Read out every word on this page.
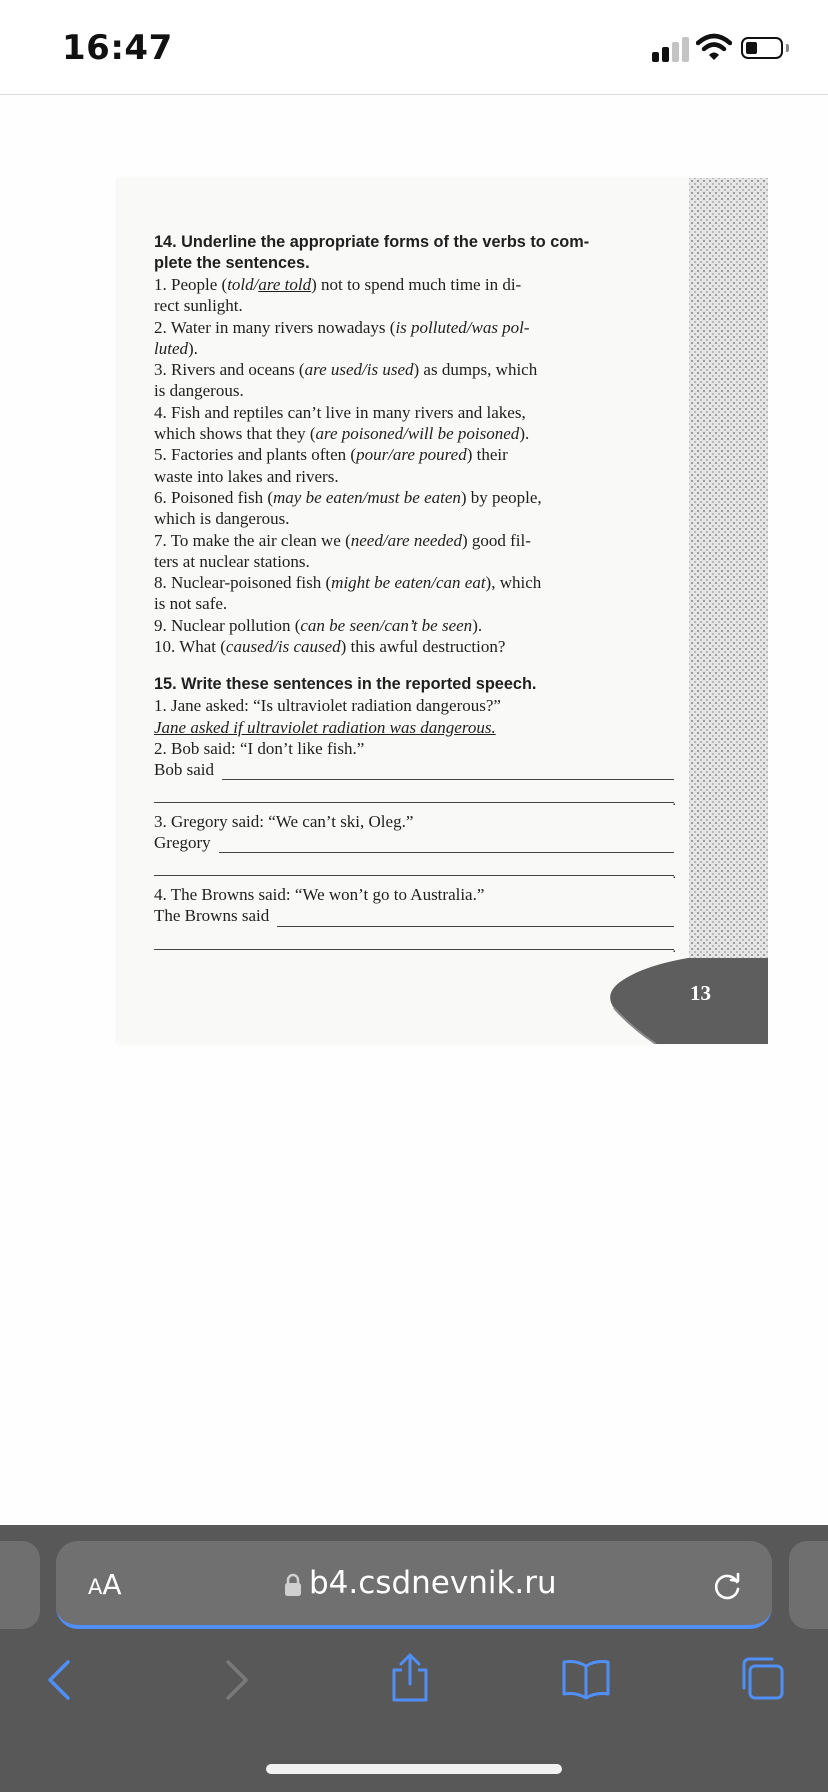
16:47
13

14. Underline the appropriate forms of the verbs to com-

plete the sentences.

1. People (told/are told) not to spend much time in di-

rect sunlight.

2. Water in many rivers nowadays (is polluted/was pol-

luted).

3. Rivers and oceans (are used/is used) as dumps, which

is dangerous.

4. Fish and reptiles can’t live in many rivers and lakes,

which shows that they (are poisoned/will be poisoned).

5. Factories and plants often (pour/are poured) their

waste into lakes and rivers.

6. Poisoned fish (may be eaten/must be eaten) by people,

which is dangerous.

7. To make the air clean we (need/are needed) good fil-

ters at nuclear stations.

8. Nuclear-poisoned fish (might be eaten/can eat), which

is not safe.

9. Nuclear pollution (can be seen/can’t be seen).

10. What (caused/is caused) this awful destruction?

15. Write these sentences in the reported speech.

1. Jane asked: “Is ultraviolet radiation dangerous?”

Jane asked if ultraviolet radiation was dangerous.

2. Bob said: “I don’t like fish.”

Bob said
.

3. Gregory said: “We can’t ski, Oleg.”

Gregory
.

4. The Browns said: “We won’t go to Australia.”

The Browns said
.
AA	b4.csdnevnik.ru
